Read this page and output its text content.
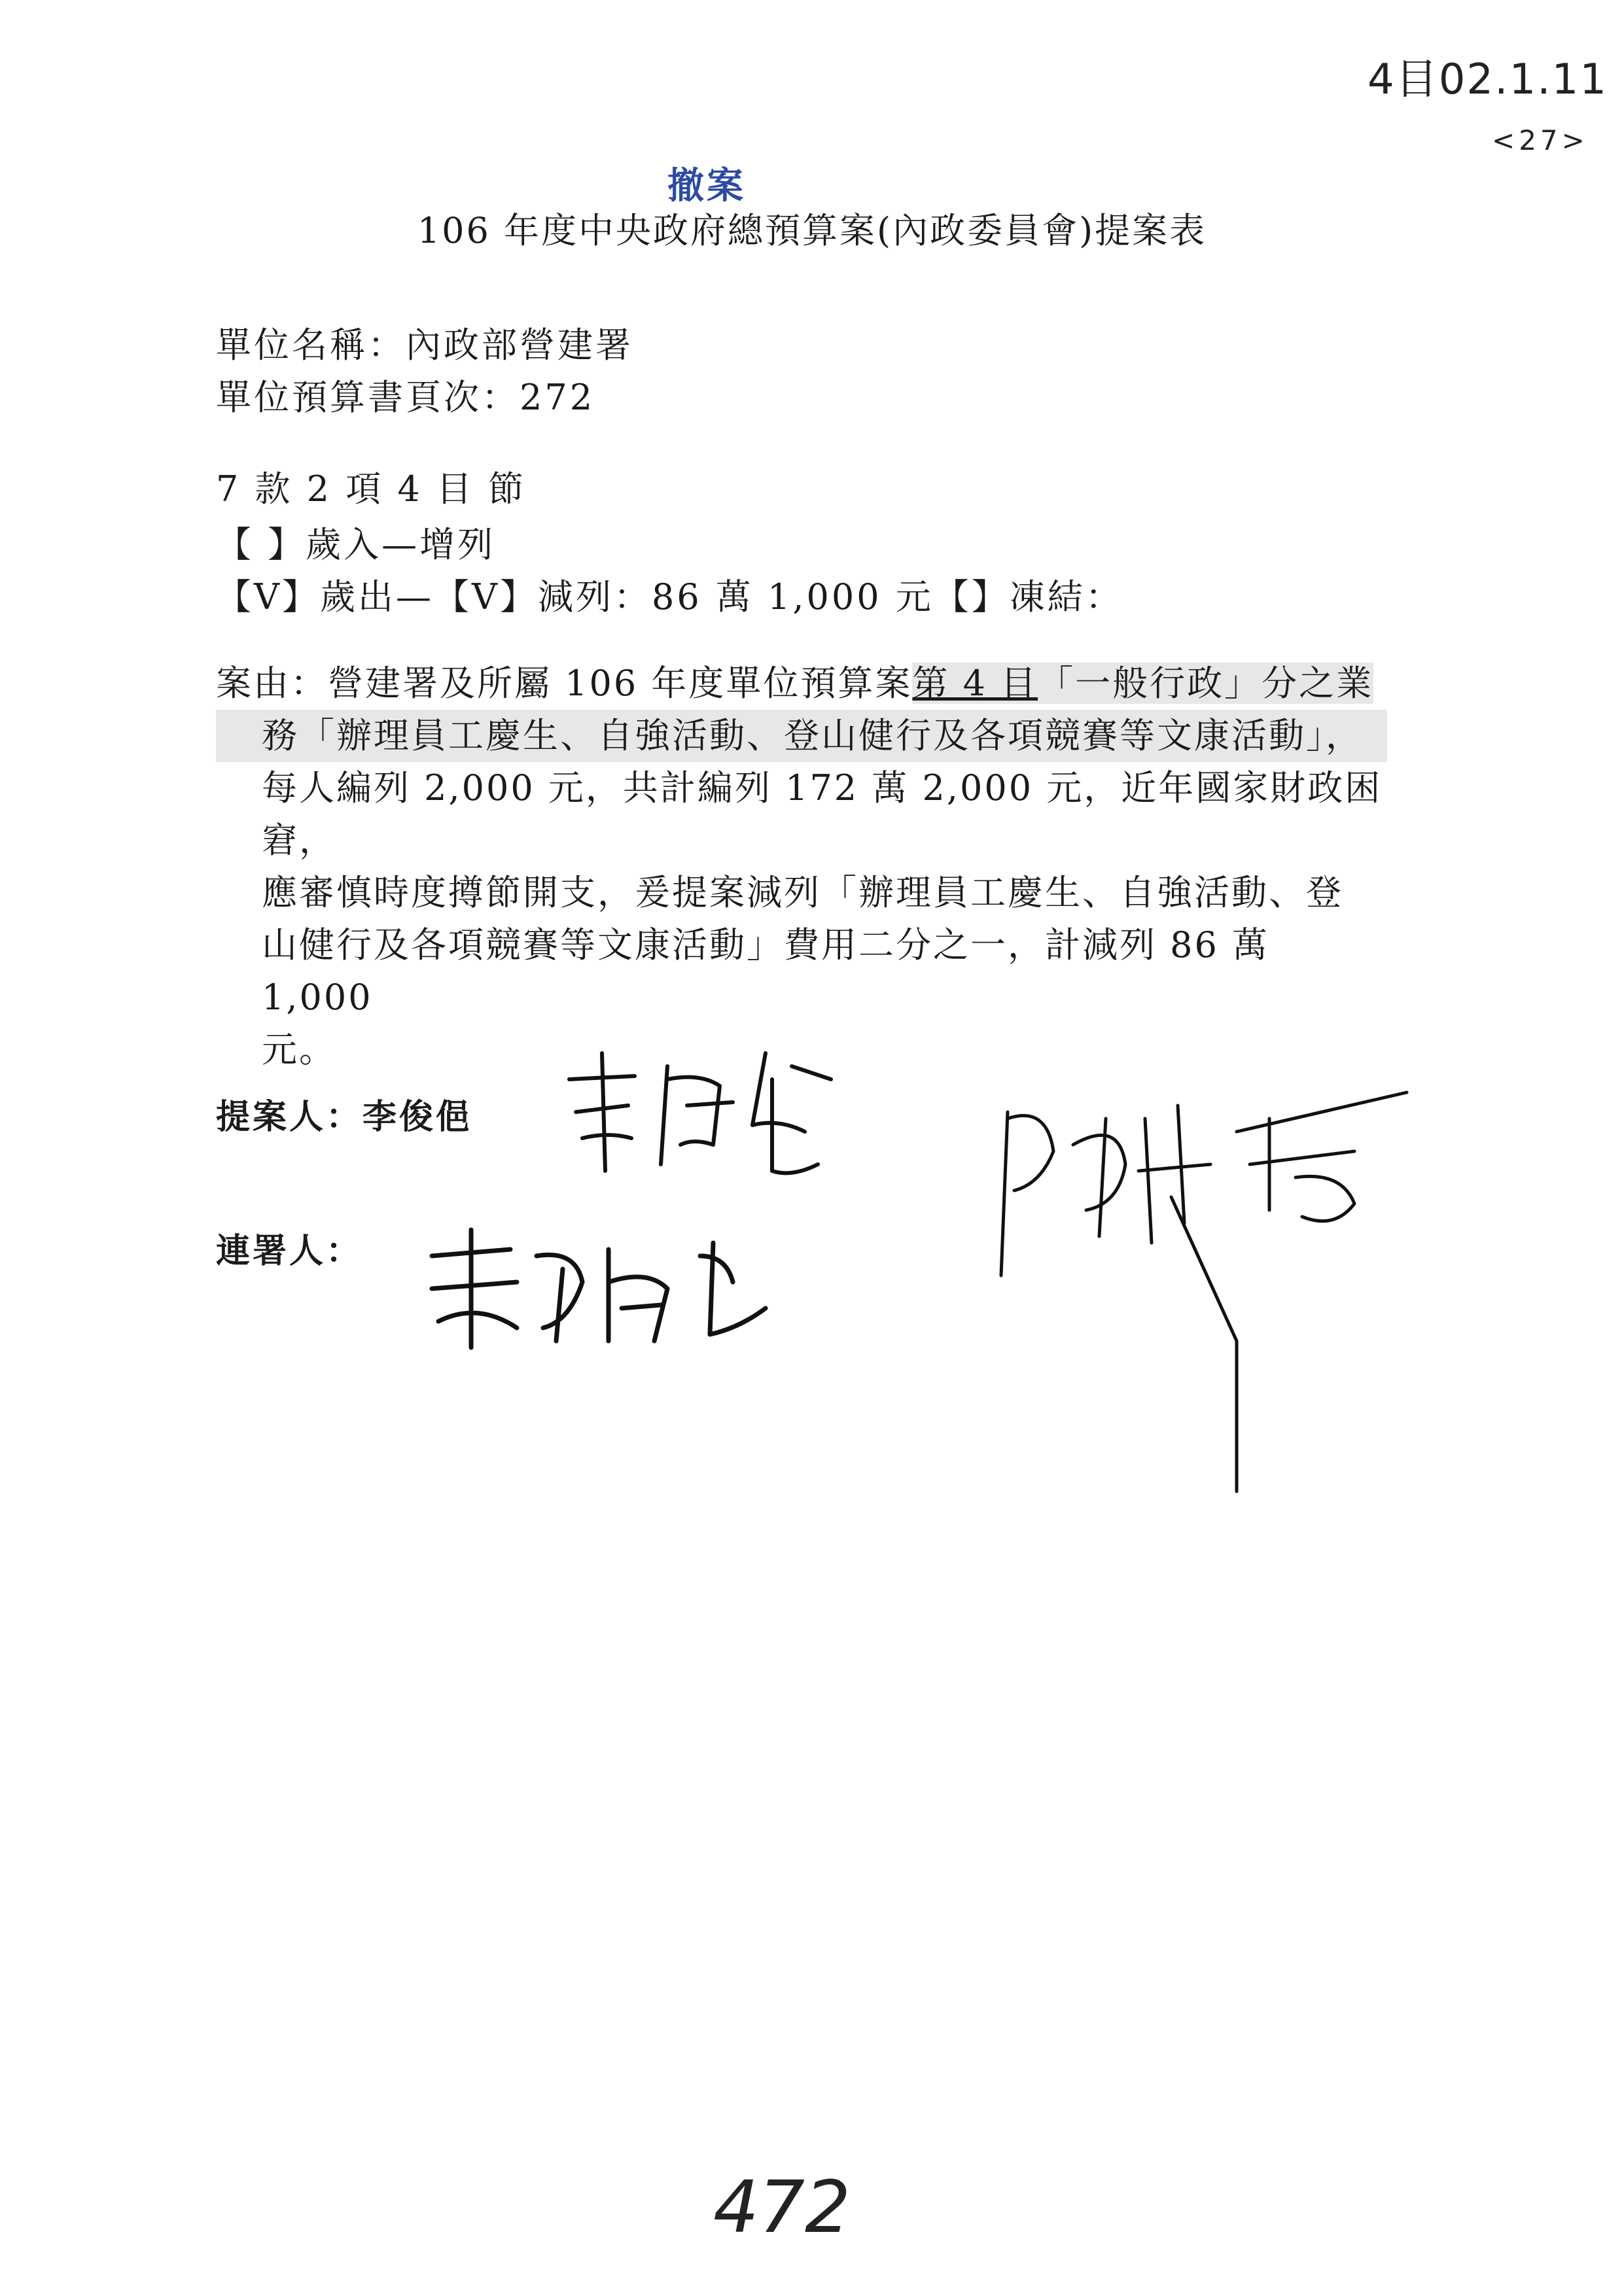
4目02.1.11
<27>
撤案
106 年度中央政府總預算案(內政委員會)提案表
單位名稱：內政部營建署
單位預算書頁次：272
7 款 2 項 4 目 節
【 】歲入—增列
【V】歲出—【V】減列：86 萬 1,000 元【】凍結：
案由：營建署及所屬 106 年度單位預算案第 4 目「一般行政」分之業
務「辦理員工慶生、自強活動、登山健行及各項競賽等文康活動」，
每人編列 2,000 元，共計編列 172 萬 2,000 元，近年國家財政困窘，
應審慎時度撙節開支，爰提案減列「辦理員工慶生、自強活動、登
山健行及各項競賽等文康活動」費用二分之一，計減列 86 萬 1,000
元。
提案人：李俊俋
連署人：
472
